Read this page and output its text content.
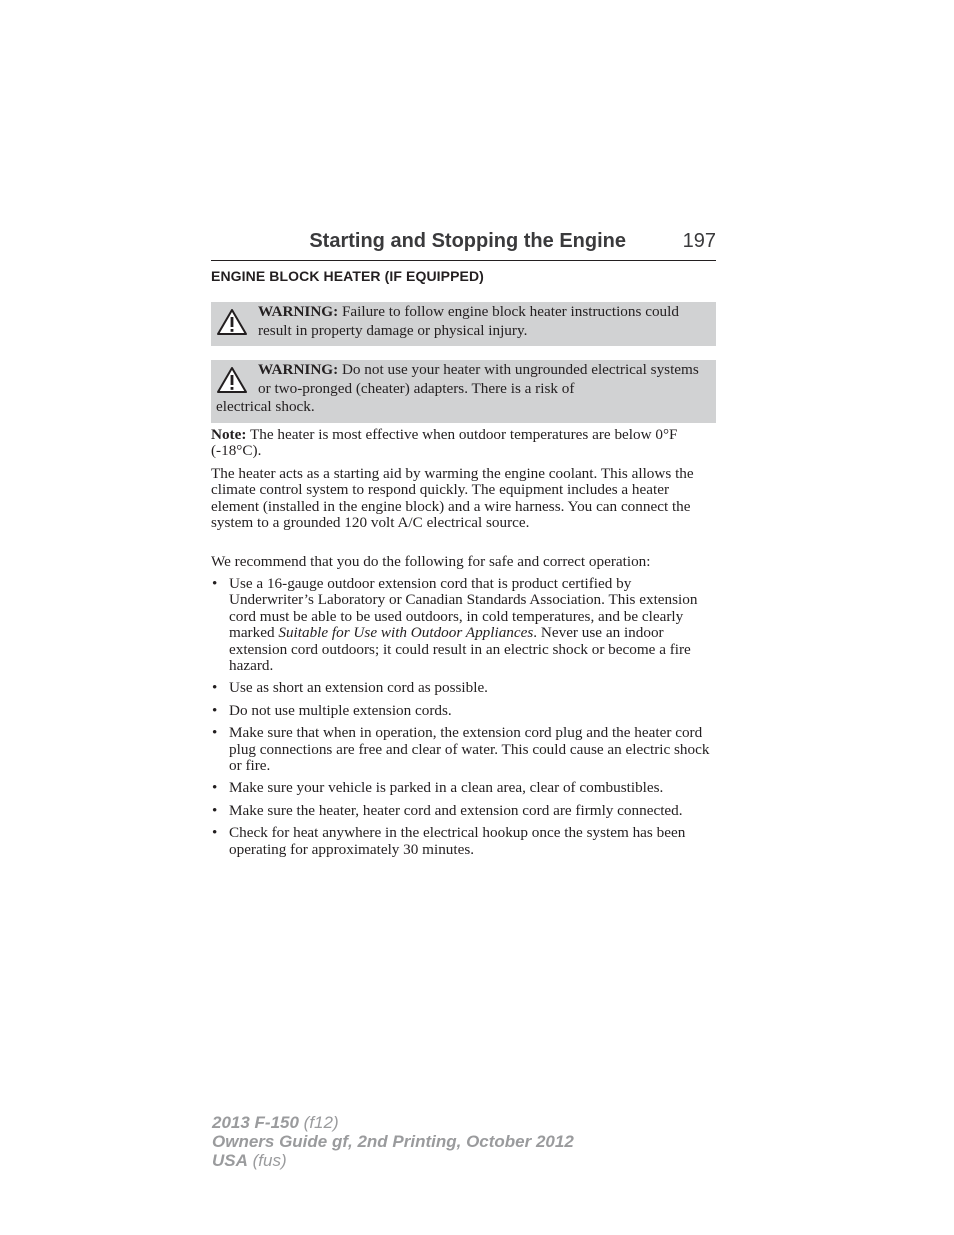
Starting and Stopping the Engine	197
ENGINE BLOCK HEATER (IF EQUIPPED)
WARNING: Failure to follow engine block heater instructions could result in property damage or physical injury.
WARNING: Do not use your heater with ungrounded electrical systems or two-pronged (cheater) adapters. There is a risk of
electrical shock.
Note: The heater is most effective when outdoor temperatures are below 0°F (-18°C).
The heater acts as a starting aid by warming the engine coolant. This allows the climate control system to respond quickly. The equipment includes a heater element (installed in the engine block) and a wire harness. You can connect the system to a grounded 120 volt A/C electrical source.
We recommend that you do the following for safe and correct operation:
• Use a 16-gauge outdoor extension cord that is product certified by Underwriter’s Laboratory or Canadian Standards Association. This extension cord must be able to be used outdoors, in cold temperatures, and be clearly marked Suitable for Use with Outdoor Appliances. Never use an indoor extension cord outdoors; it could result in an electric shock or become a fire hazard.
• Use as short an extension cord as possible.
• Do not use multiple extension cords.
• Make sure that when in operation, the extension cord plug and the heater cord plug connections are free and clear of water. This could cause an electric shock or fire.
• Make sure your vehicle is parked in a clean area, clear of combustibles.
• Make sure the heater, heater cord and extension cord are firmly connected.
• Check for heat anywhere in the electrical hookup once the system has been operating for approximately 30 minutes.
2013 F-150 (f12)
Owners Guide gf, 2nd Printing, October 2012
USA (fus)
